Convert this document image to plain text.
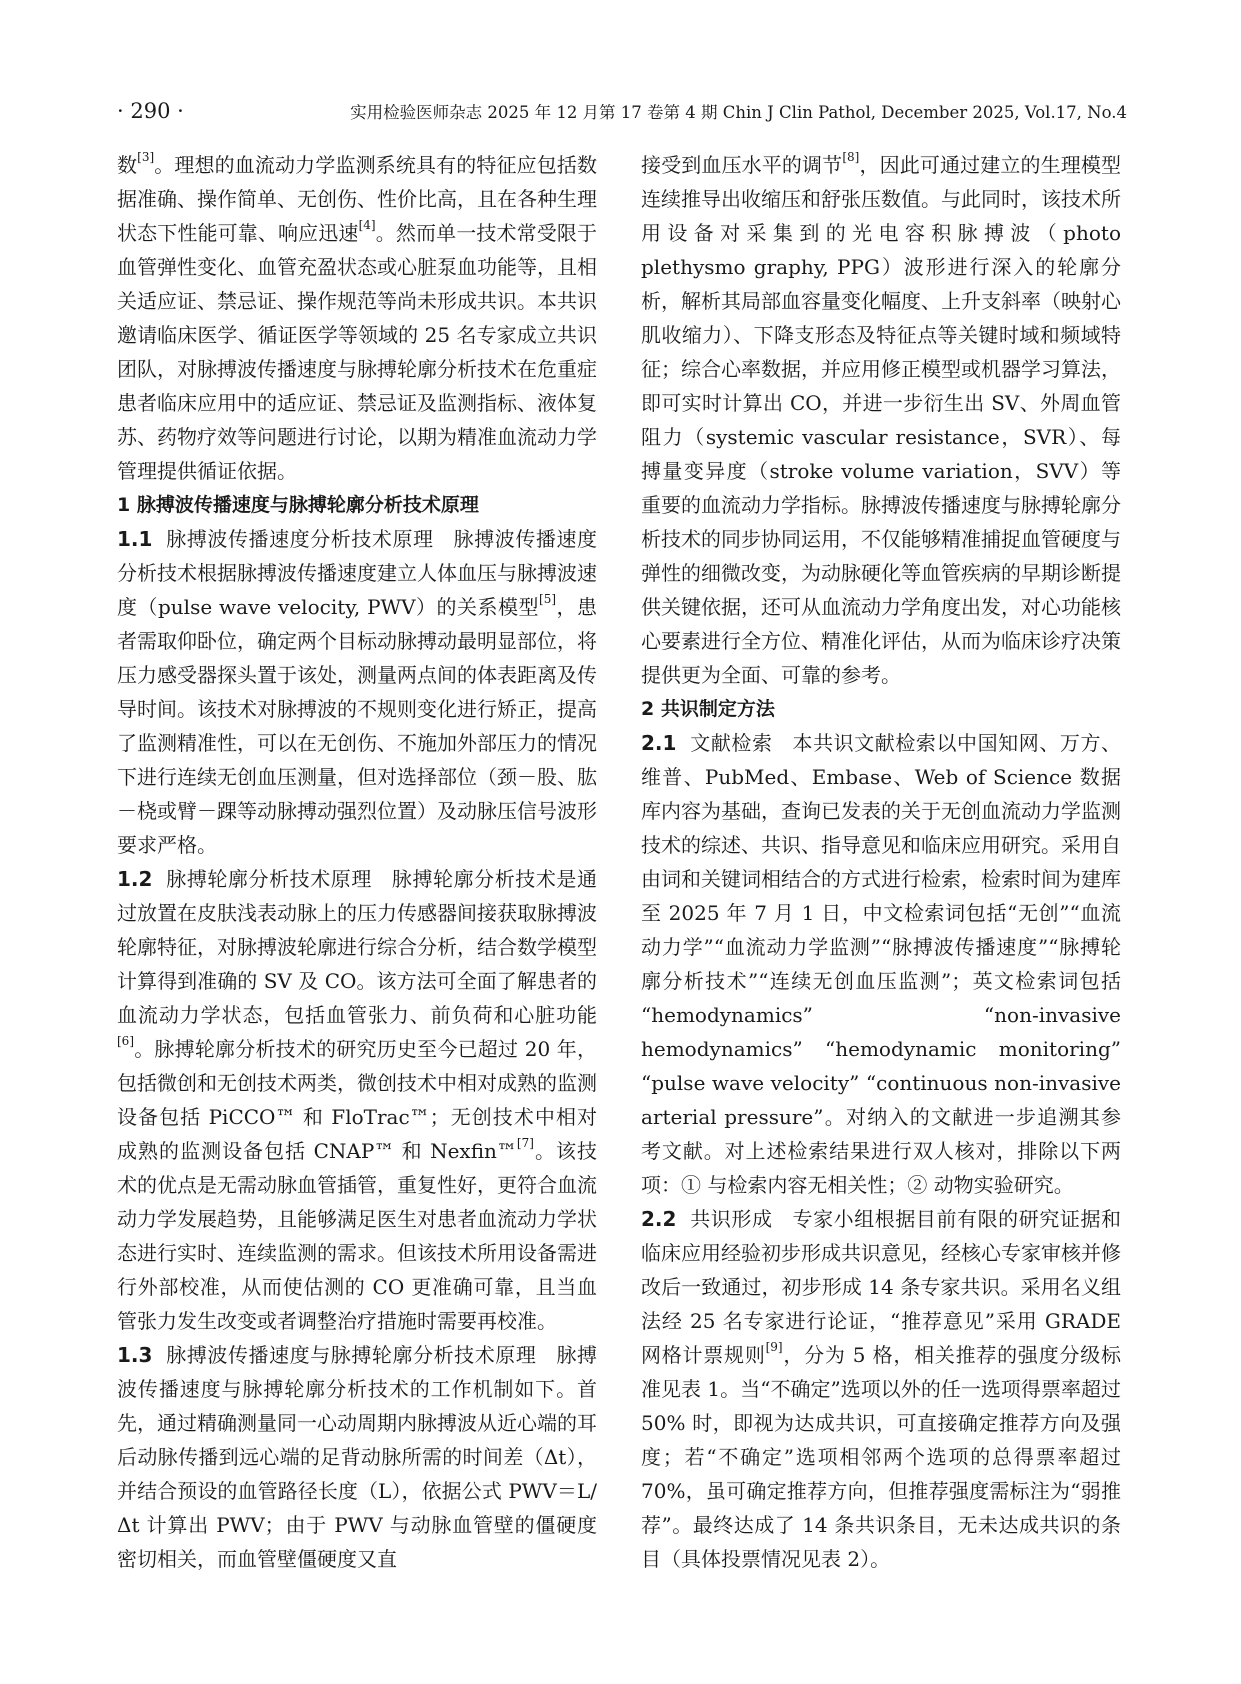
· 290 ·	实用检验医师杂志 2025 年 12 月第 17 卷第 4 期 Chin J Clin Pathol, December 2025, Vol.17, No.4

数[3]。理想的血流动力学监测系统具有的特征应包括数据准确、操作简单、无创伤、性价比高，且在各种生理状态下性能可靠、响应迅速[4]。然而单一技术常受限于血管弹性变化、血管充盈状态或心脏泵血功能等，且相关适应证、禁忌证、操作规范等尚未形成共识。本共识邀请临床医学、循证医学等领域的 25 名专家成立共识团队，对脉搏波传播速度与脉搏轮廓分析技术在危重症患者临床应用中的适应证、禁忌证及监测指标、液体复苏、药物疗效等问题进行讨论，以期为精准血流动力学管理提供循证依据。

1 脉搏波传播速度与脉搏轮廓分析技术原理

1.1 脉搏波传播速度分析技术原理 脉搏波传播速度分析技术根据脉搏波传播速度建立人体血压与脉搏波速度（pulse wave velocity, PWV）的关系模型[5]，患者需取仰卧位，确定两个目标动脉搏动最明显部位，将压力感受器探头置于该处，测量两点间的体表距离及传导时间。该技术对脉搏波的不规则变化进行矫正，提高了监测精准性，可以在无创伤、不施加外部压力的情况下进行连续无创血压测量，但对选择部位（颈－股、肱－桡或臂－踝等动脉搏动强烈位置）及动脉压信号波形要求严格。

1.2 脉搏轮廓分析技术原理 脉搏轮廓分析技术是通过放置在皮肤浅表动脉上的压力传感器间接获取脉搏波轮廓特征，对脉搏波轮廓进行综合分析，结合数学模型计算得到准确的 SV 及 CO。该方法可全面了解患者的血流动力学状态，包括血管张力、前负荷和心脏功能[6]。脉搏轮廓分析技术的研究历史至今已超过 20 年，包括微创和无创技术两类，微创技术中相对成熟的监测设备包括 PiCCO™ 和 FloTrac™；无创技术中相对成熟的监测设备包括 CNAP™ 和 Nexfin™[7]。该技术的优点是无需动脉血管插管，重复性好，更符合血流动力学发展趋势，且能够满足医生对患者血流动力学状态进行实时、连续监测的需求。但该技术所用设备需进行外部校准，从而使估测的 CO 更准确可靠，且当血管张力发生改变或者调整治疗措施时需要再校准。

1.3 脉搏波传播速度与脉搏轮廓分析技术原理 脉搏波传播速度与脉搏轮廓分析技术的工作机制如下。首先，通过精确测量同一心动周期内脉搏波从近心端的耳后动脉传播到远心端的足背动脉所需的时间差（Δt），并结合预设的血管路径长度（L），依据公式 PWV＝L/Δt 计算出 PWV；由于 PWV 与动脉血管壁的僵硬度密切相关，而血管壁僵硬度又直

接受到血压水平的调节[8]，因此可通过建立的生理模型连续推导出收缩压和舒张压数值。与此同时，该技术所用设备对采集到的光电容积脉搏波（photo plethysmo graphy, PPG）波形进行深入的轮廓分析，解析其局部血容量变化幅度、上升支斜率（映射心肌收缩力）、下降支形态及特征点等关键时域和频域特征；综合心率数据，并应用修正模型或机器学习算法，即可实时计算出 CO，并进一步衍生出 SV、外周血管阻力（systemic vascular resistance，SVR）、每搏量变异度（stroke volume variation，SVV）等重要的血流动力学指标。脉搏波传播速度与脉搏轮廓分析技术的同步协同运用，不仅能够精准捕捉血管硬度与弹性的细微改变，为动脉硬化等血管疾病的早期诊断提供关键依据，还可从血流动力学角度出发，对心功能核心要素进行全方位、精准化评估，从而为临床诊疗决策提供更为全面、可靠的参考。

2 共识制定方法

2.1 文献检索 本共识文献检索以中国知网、万方、维普、PubMed、Embase、Web of Science 数据库内容为基础，查询已发表的关于无创血流动力学监测技术的综述、共识、指导意见和临床应用研究。采用自由词和关键词相结合的方式进行检索，检索时间为建库至 2025 年 7 月 1 日，中文检索词包括“无创”“血流动力学”“血流动力学监测”“脉搏波传播速度”“脉搏轮廓分析技术”“连续无创血压监测”；英文检索词包括 “hemodynamics” “non-invasive hemodynamics” “hemodynamic monitoring” “pulse wave velocity” “continuous non-invasive arterial pressure”。对纳入的文献进一步追溯其参考文献。对上述检索结果进行双人核对，排除以下两项：① 与检索内容无相关性；② 动物实验研究。

2.2 共识形成 专家小组根据目前有限的研究证据和临床应用经验初步形成共识意见，经核心专家审核并修改后一致通过，初步形成 14 条专家共识。采用名义组法经 25 名专家进行论证，“推荐意见”采用 GRADE 网格计票规则[9]，分为 5 格，相关推荐的强度分级标准见表 1。当“不确定”选项以外的任一选项得票率超过 50% 时，即视为达成共识，可直接确定推荐方向及强度；若“不确定”选项相邻两个选项的总得票率超过 70%，虽可确定推荐方向，但推荐强度需标注为“弱推荐”。最终达成了 14 条共识条目，无未达成共识的条目（具体投票情况见表 2）。
